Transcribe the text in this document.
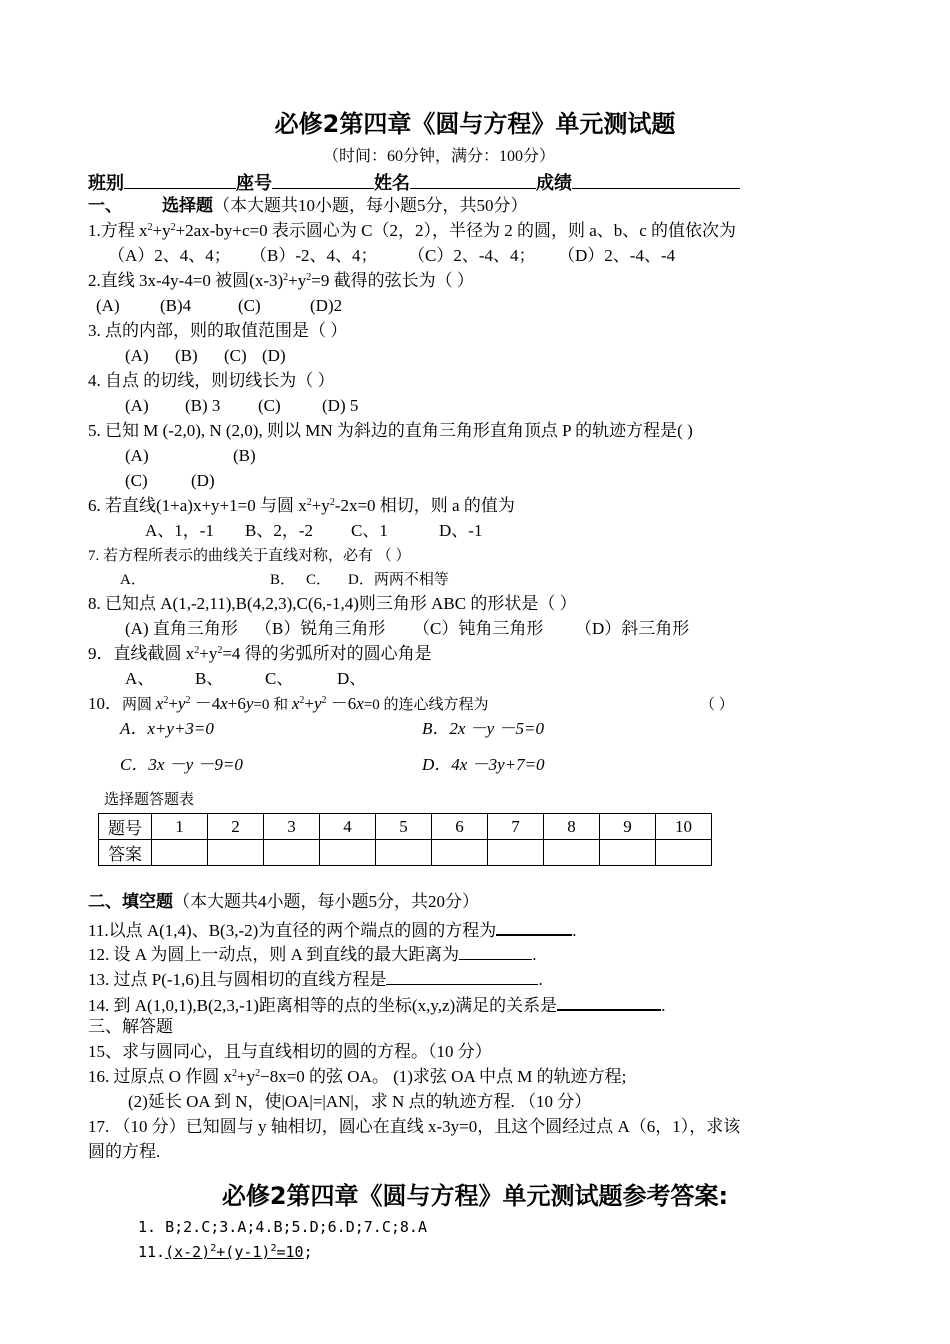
必修2第四章《圆与方程》单元测试题
（时间：60分钟，满分：100分）
班别	座号	姓名	成绩
一、 选择题（本大题共10小题，每小题5分，共50分）
1.方程 $x^2+y^2+2ax-by+c=0$ 表示圆心为 C（2，2），半径为 2 的圆，则 a、b、c 的值依次为
（A）2、4、4； （B）-2、4、4； （C）2、-4、4； （D）2、-4、-4
2.直线 3x-4y-4=0 被圆$(x-3)^2+y^2=9$ 截得的弦长为（ ）
(A) (B)4	(C)	(D)2
3. 点的内部，则的取值范围是（ ）
(A) (B) (C) (D)
4. 自点 的切线，则切线长为（ ）
(A) (B) 3 (C) (D) 5
5. 已知 M (-2,0), N (2,0), 则以 MN 为斜边的直角三角形直角顶点 P 的轨迹方程是( )
(A)	(B)
(C)	(D)
6. 若直线(1+a)x+y+1=0 与圆 $x^2+y^2-2x=0$ 相切，则 a 的值为
A、1，-1 B、2，-2 C、1	D、-1
7. 若方程所表示的曲线关于直线对称，必有 （ ）
A．	B． C． D．两两不相等
8. 已知点 A(1,-2,11),B(4,2,3),C(6,-1,4)则三角形 ABC 的形状是（ ）
(A) 直角三角形 （B）锐角三角形 （C）钝角三角形 （D）斜三角形
9．直线截圆 $x^2+y^2=4$ 得的劣弧所对的圆心角是
A、 B、 C、	D、
10．两圆 $x^2+y^2 -4x+6y=0$ 和 $x^2+y^2 -6x=0$ 的连心线方程为	（ ）
A．x+y+3=0	B．2x －y －5=0
C．3x －y －9=0	D．4x －3y+7=0
选择题答题表
题号	1	2	3	4	5	6	7	8	9	10
答案										
二、填空题（本大题共4小题，每小题5分，共20分）
11.以点 A(1,4)、B(3,-2)为直径的两个端点的圆的方程为	.
12. 设 A 为圆上一动点，则 A 到直线的最大距离为	.
13. 过点 P(-1,6)且与圆相切的直线方程是	.
14. 到 A(1,0,1),B(2,3,-1)距离相等的点的坐标(x,y,z)满足的关系是	.
三、解答题
15、求与圆同心，且与直线相切的圆的方程。（10 分）
16. 过原点 O 作圆 $x^2+y^2-8x=0$ 的弦 OA。 (1)求弦 OA 中点 M 的轨迹方程;
(2)延长 OA 到 N，使|OA|=|AN|，求 N 点的轨迹方程. （10 分）
17. （10 分）已知圆与 y 轴相切，圆心在直线 x-3y=0，且这个圆经过点 A（6，1），求该
圆的方程.
必修2第四章《圆与方程》单元测试题参考答案:
1. B;2.C;3.A;4.B;5.D;6.D;7.C;8.A
$11.(x-2)^2+(y-1)^2=10$;
